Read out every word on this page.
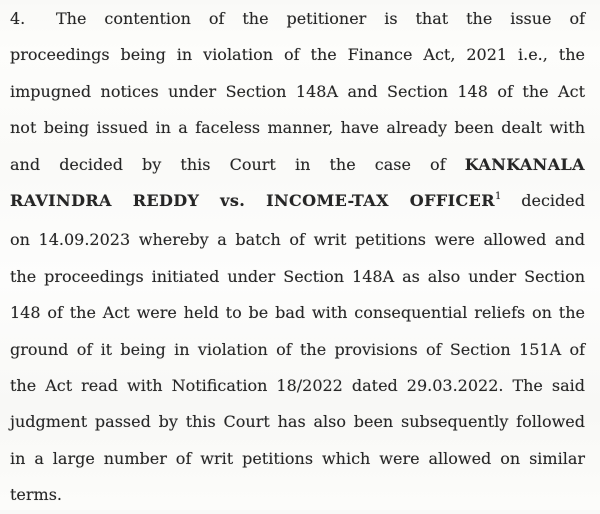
4. The contention of the petitioner is that the issue of
proceedings being in violation of the Finance Act, 2021 i.e., the
impugned notices under Section 148A and Section 148 of the Act
not being issued in a faceless manner, have already been dealt with
and decided by this Court in the case of KANKANALA
RAVINDRA REDDY vs. INCOME-TAX OFFICER$^1$ decided
on 14.09.2023 whereby a batch of writ petitions were allowed and
the proceedings initiated under Section 148A as also under Section
148 of the Act were held to be bad with consequential reliefs on the
ground of it being in violation of the provisions of Section 151A of
the Act read with Notification 18/2022 dated 29.03.2022. The said
judgment passed by this Court has also been subsequently followed
in a large number of writ petitions which were allowed on similar
terms.
